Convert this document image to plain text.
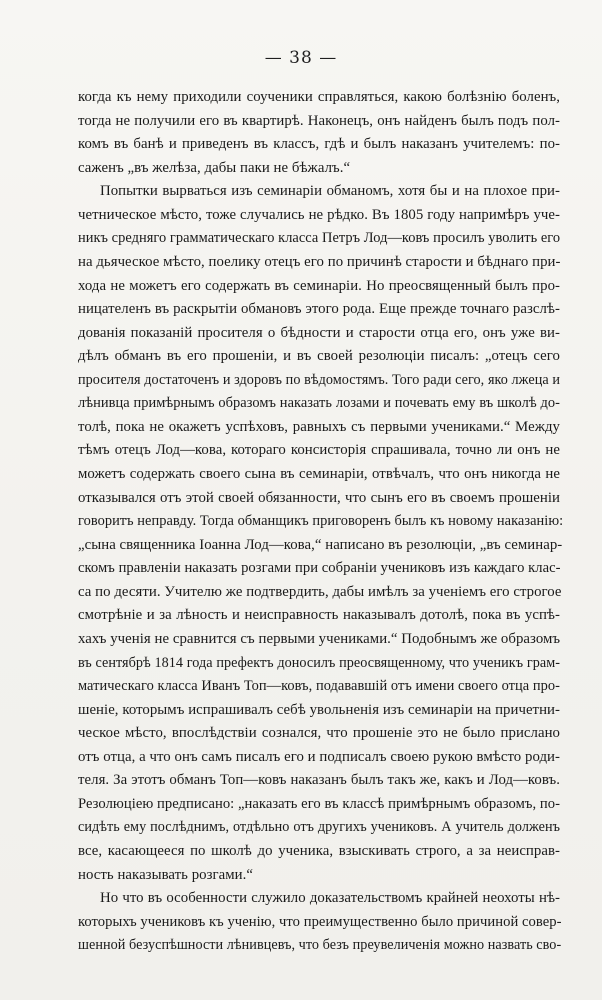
— 38 —
когда къ нему приходили соученики справляться, какою болѣзнію боленъ,
тогда не получили его въ квартирѣ. Наконецъ, онъ найденъ былъ подъ пол-
комъ въ банѣ и приведенъ въ классъ, гдѣ и былъ наказанъ учителемъ: по-
саженъ „въ желѣза, дабы паки не бѣжалъ.“
Попытки вырваться изъ семинаріи обманомъ, хотя бы и на плохое при-
четническое мѣсто, тоже случались не рѣдко. Въ 1805 году напримѣръ уче-
никъ средняго грамматическаго класса Петръ Лод—ковъ просилъ уволить его
на дьяческое мѣсто, поелику отецъ его по причинѣ старости и бѣднаго при-
хода не можетъ его содержать въ семинаріи. Но преосвященный былъ про-
ницателенъ въ раскрытіи обмановъ этого рода. Еще прежде точнаго разслѣ-
дованія показаній просителя о бѣдности и старости отца его, онъ уже ви-
дѣлъ обманъ въ его прошеніи, и въ своей резолюціи писалъ: „отецъ сего
просителя достаточенъ и здоровъ по вѣдомостямъ. Того ради сего, яко лжеца и
лѣнивца примѣрнымъ образомъ наказать лозами и почевать ему въ школѣ до-
толѣ, пока не окажетъ успѣховъ, равныхъ съ первыми учениками.“ Между
тѣмъ отецъ Лод—кова, котораго консисторія спрашивала, точно ли онъ не
можетъ содержать своего сына въ семинаріи, отвѣчалъ, что онъ никогда не
отказывался отъ этой своей обязанности, что сынъ его въ своемъ прошеніи
говоритъ неправду. Тогда обманщикъ приговоренъ былъ къ новому наказанію:
„сына священника Іоанна Лод—кова,“ написано въ резолюціи, „въ семинар-
скомъ правленіи наказать розгами при собраніи учениковъ изъ каждаго клас-
са по десяти. Учителю же подтвердить, дабы имѣлъ за ученіемъ его строгое
смотрѣніе и за лѣность и неисправность наказывалъ дотолѣ, пока въ успѣ-
хахъ ученія не сравнится съ первыми учениками.“ Подобнымъ же образомъ
въ сентябрѣ 1814 года префектъ доносилъ преосвященному, что ученикъ грам-
матическаго класса Иванъ Топ—ковъ, подававшій отъ имени своего отца про-
шеніе, которымъ испрашивалъ себѣ увольненія изъ семинаріи на причетни-
ческое мѣсто, впослѣдствіи сознался, что прошеніе это не было прислано
отъ отца, а что онъ самъ писалъ его и подписалъ своею рукою вмѣсто роди-
теля. За этотъ обманъ Топ—ковъ наказанъ былъ такъ же, какъ и Лод—ковъ.
Резолюціею предписано: „наказать его въ классѣ примѣрнымъ образомъ, по-
сидѣть ему послѣднимъ, отдѣльно отъ другихъ учениковъ. А учитель долженъ
все, касающееся по школѣ до ученика, взыскивать строго, а за неисправ-
ность наказывать розгами.“
Но что въ особенности служило доказательствомъ крайней неохоты нѣ-
которыхъ учениковъ къ ученію, что преимущественно было причиной совер-
шенной безуспѣшности лѣнивцевъ, что безъ преувеличенія можно назвать сво-
